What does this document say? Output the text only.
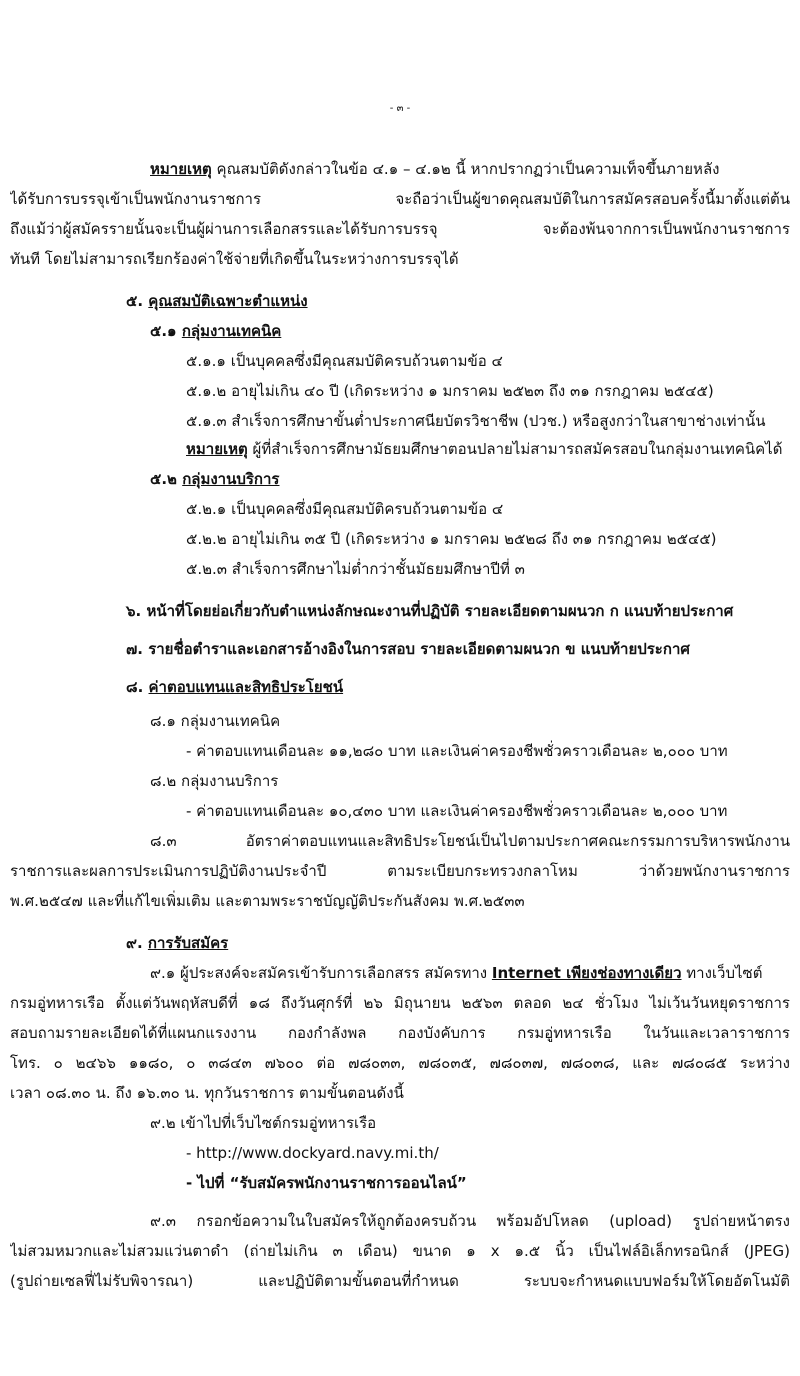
- ๓ -
หมายเหตุ คุณสมบัติดังกล่าวในข้อ ๔.๑ – ๔.๑๒ นี้ หากปรากฏว่าเป็นความเท็จขึ้นภายหลัง
ได้รับการบรรจุเข้าเป็นพนักงานราชการ จะถือว่าเป็นผู้ขาดคุณสมบัติในการสมัครสอบครั้งนี้มาตั้งแต่ต้น
ถึงแม้ว่าผู้สมัครรายนั้นจะเป็นผู้ผ่านการเลือกสรรและได้รับการบรรจุ จะต้องพ้นจากการเป็นพนักงานราชการ
ทันที โดยไม่สามารถเรียกร้องค่าใช้จ่ายที่เกิดขึ้นในระหว่างการบรรจุได้
๕. คุณสมบัติเฉพาะตำแหน่ง
๕.๑ กลุ่มงานเทคนิค
๕.๑.๑ เป็นบุคคลซึ่งมีคุณสมบัติครบถ้วนตามข้อ ๔
๕.๑.๒ อายุไม่เกิน ๔๐ ปี (เกิดระหว่าง ๑ มกราคม ๒๕๒๓ ถึง ๓๑ กรกฎาคม ๒๕๔๕)
๕.๑.๓ สำเร็จการศึกษาขั้นต่ำประกาศนียบัตรวิชาชีพ (ปวช.) หรือสูงกว่าในสาขาช่างเท่านั้น
หมายเหตุ ผู้ที่สำเร็จการศึกษามัธยมศึกษาตอนปลายไม่สามารถสมัครสอบในกลุ่มงานเทคนิคได้
๕.๒ กลุ่มงานบริการ
๕.๒.๑ เป็นบุคคลซึ่งมีคุณสมบัติครบถ้วนตามข้อ ๔
๕.๒.๒ อายุไม่เกิน ๓๕ ปี (เกิดระหว่าง ๑ มกราคม ๒๕๒๘ ถึง ๓๑ กรกฎาคม ๒๕๔๕)
๕.๒.๓ สำเร็จการศึกษาไม่ต่ำกว่าชั้นมัธยมศึกษาปีที่ ๓
๖. หน้าที่โดยย่อเกี่ยวกับตำแหน่งลักษณะงานที่ปฏิบัติ รายละเอียดตามผนวก ก แนบท้ายประกาศ
๗. รายชื่อตำราและเอกสารอ้างอิงในการสอบ รายละเอียดตามผนวก ข แนบท้ายประกาศ
๘. ค่าตอบแทนและสิทธิประโยชน์
๘.๑ กลุ่มงานเทคนิค
- ค่าตอบแทนเดือนละ ๑๑,๒๘๐ บาท และเงินค่าครองชีพชั่วคราวเดือนละ ๒,๐๐๐ บาท
๘.๒ กลุ่มงานบริการ
- ค่าตอบแทนเดือนละ ๑๐,๔๓๐ บาท และเงินค่าครองชีพชั่วคราวเดือนละ ๒,๐๐๐ บาท
๘.๓ อัตราค่าตอบแทนและสิทธิประโยชน์เป็นไปตามประกาศคณะกรรมการบริหารพนักงาน
ราชการและผลการประเมินการปฏิบัติงานประจำปี ตามระเบียบกระทรวงกลาโหม ว่าด้วยพนักงานราชการ
พ.ศ.๒๕๔๗ และที่แก้ไขเพิ่มเติม และตามพระราชบัญญัติประกันสังคม พ.ศ.๒๕๓๓
๙. การรับสมัคร
๙.๑ ผู้ประสงค์จะสมัครเข้ารับการเลือกสรร สมัครทาง Internet เพียงช่องทางเดียว ทางเว็บไซต์
กรมอู่ทหารเรือ ตั้งแต่วันพฤหัสบดีที่ ๑๘ ถึงวันศุกร์ที่ ๒๖ มิถุนายน ๒๕๖๓ ตลอด ๒๔ ชั่วโมง ไม่เว้นวันหยุดราชการ
สอบถามรายละเอียดได้ที่แผนกแรงงาน กองกำลังพล กองบังคับการ กรมอู่ทหารเรือ ในวันและเวลาราชการ
โทร. ๐ ๒๔๖๖ ๑๑๘๐, ๐ ๓๘๔๓ ๗๖๐๐ ต่อ ๗๘๐๓๓, ๗๘๐๓๕, ๗๘๐๓๗, ๗๘๐๓๘, และ ๗๘๐๘๕ ระหว่าง
เวลา ๐๘.๓๐ น. ถึง ๑๖.๓๐ น. ทุกวันราชการ ตามขั้นตอนดังนี้
๙.๒ เข้าไปที่เว็บไซต์กรมอู่ทหารเรือ
- http://www.dockyard.navy.mi.th/
- ไปที่ “รับสมัครพนักงานราชการออนไลน์”
๙.๓ กรอกข้อความในใบสมัครให้ถูกต้องครบถ้วน พร้อมอัปโหลด (upload) รูปถ่ายหน้าตรง
ไม่สวมหมวกและไม่สวมแว่นตาดำ (ถ่ายไม่เกิน ๓ เดือน) ขนาด ๑ x ๑.๕ นิ้ว เป็นไฟล์อิเล็กทรอนิกส์ (JPEG)
(รูปถ่ายเซลฟี่ไม่รับพิจารณา) และปฏิบัติตามขั้นตอนที่กำหนด ระบบจะกำหนดแบบฟอร์มให้โดยอัตโนมัติ
